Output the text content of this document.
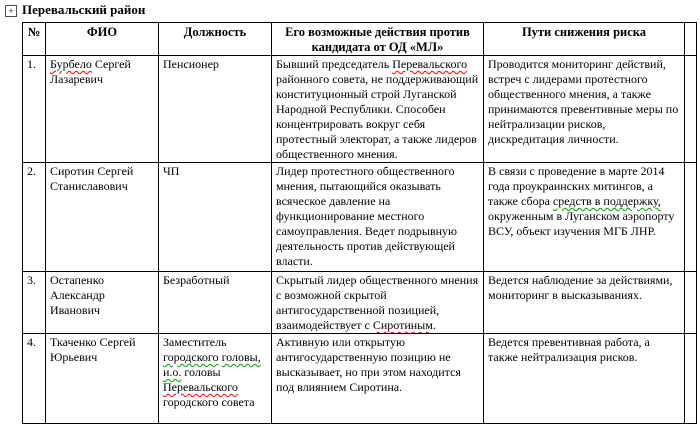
+ Перевальский район
№	ФИО	Должность	Его возможные действия против кандидата от ОД «МЛ»	Пути снижения риска	
1.	Бурбело Сергей Лазаревич	Пенсионер	Бывший председатель Перевальского районного совета, не поддерживающий конституционный строй Луганской Народной Республики. Способен концентрировать вокруг себя протестный электорат, а также лидеров общественного мнения.	Проводится мониторинг действий, встреч с лидерами протестного общественного мнения, а также принимаются превентивные меры по нейтрализации рисков, дискредитация личности.	
2.	Сиротин Сергей Станиславович	ЧП	Лидер протестного общественного мнения, пытающийся оказывать всяческое давление на функционирование местного самоуправления. Ведет подрывную деятельность против действующей власти.	В связи с проведение в марте 2014 года проукраинских митингов, а также сбора средств в поддержку, окруженным в Луганском аэропорту ВСУ, объект изучения МГБ ЛНР.	
3.	Остапенко Александр Иванович	Безработный	Скрытый лидер общественного мнения с возможной скрытой антигосударственной позицией, взаимодействует с Сиротиным.	Ведется наблюдение за действиями, мониторинг в высказываниях.	
4.	Ткаченко Сергей Юрьевич	Заместитель городского головы, и.о. головы Перевальского городского совета	Активную или открытую антигосударственную позицию не высказывает, но при этом находится под влиянием Сиротина.	Ведется превентивная работа, а также нейтрализация рисков.	
